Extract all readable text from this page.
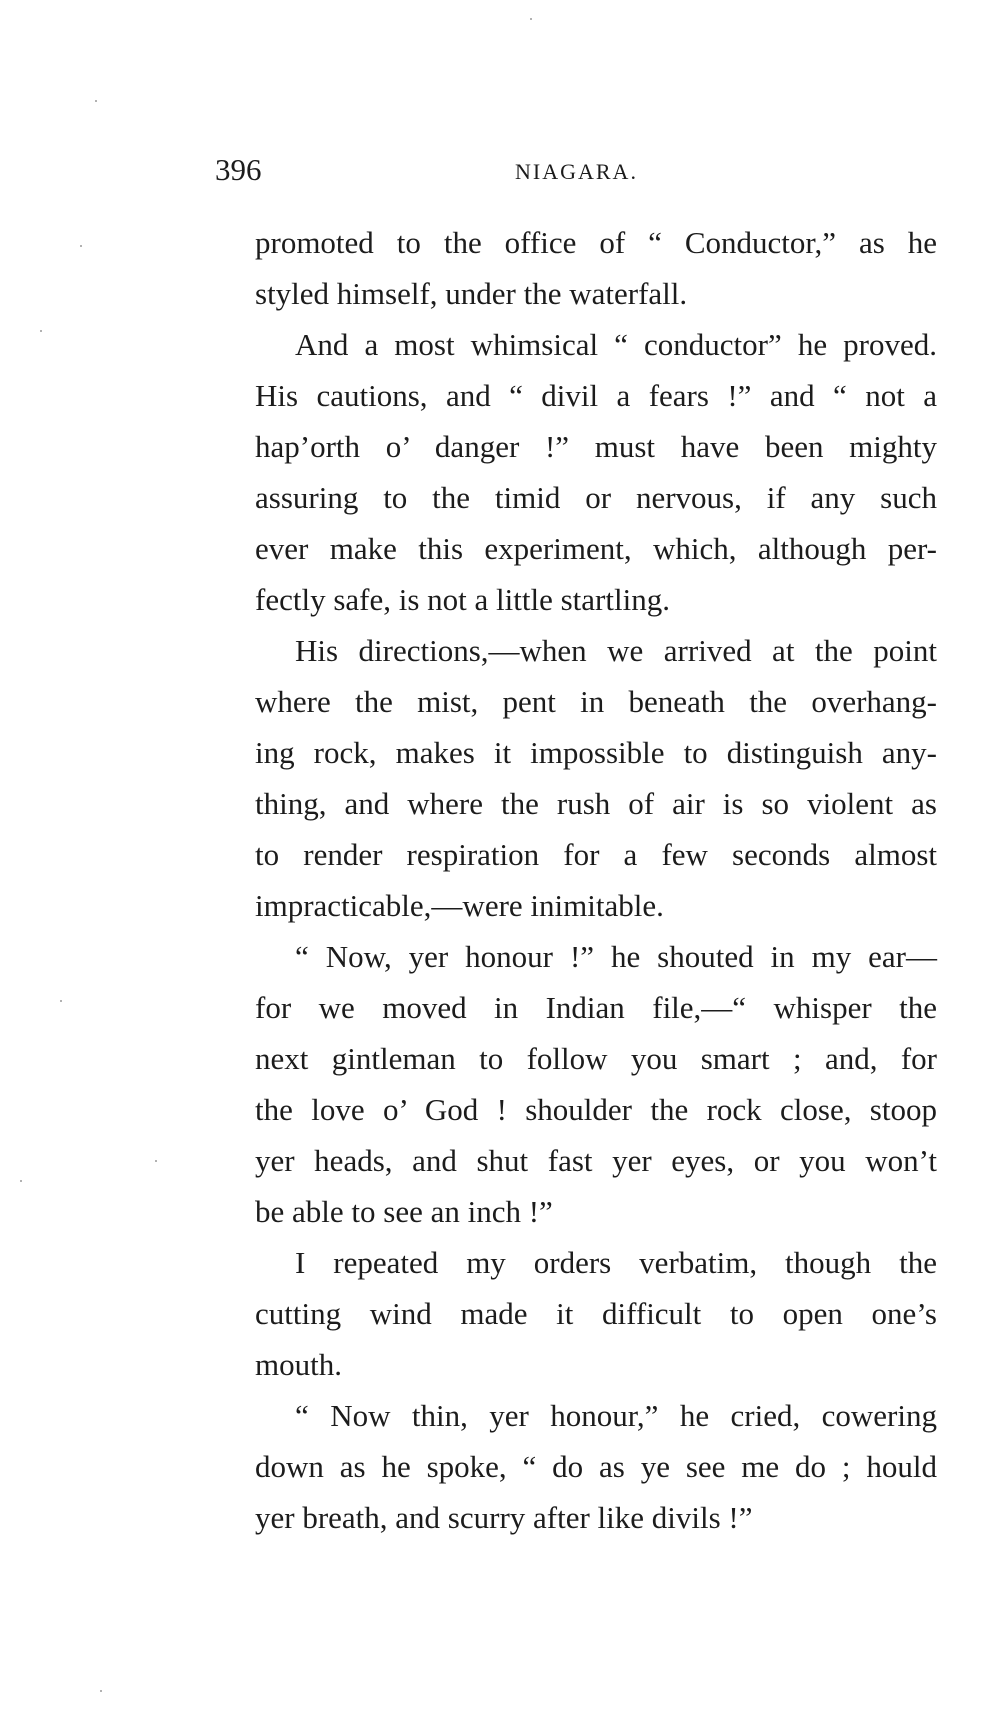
396	NIAGARA.
promoted to the office of “ Conductor,” as he
styled himself, under the waterfall.
And a most whimsical “ conductor” he proved.
His cautions, and “ divil a fears !” and “ not a
hap’orth o’ danger !” must have been mighty
assuring to the timid or nervous, if any such
ever make this experiment, which, although per-
fectly safe, is not a little startling.
His directions,—when we arrived at the point
where the mist, pent in beneath the overhang-
ing rock, makes it impossible to distinguish any-
thing, and where the rush of air is so violent as
to render respiration for a few seconds almost
impracticable,—were inimitable.
“ Now, yer honour !” he shouted in my ear—
for we moved in Indian file,—“ whisper the
next gintleman to follow you smart ; and, for
the love o’ God ! shoulder the rock close, stoop
yer heads, and shut fast yer eyes, or you won’t
be able to see an inch !”
I repeated my orders verbatim, though the
cutting wind made it difficult to open one’s
mouth.
“ Now thin, yer honour,” he cried, cowering
down as he spoke, “ do as ye see me do ; hould
yer breath, and scurry after like divils !”
